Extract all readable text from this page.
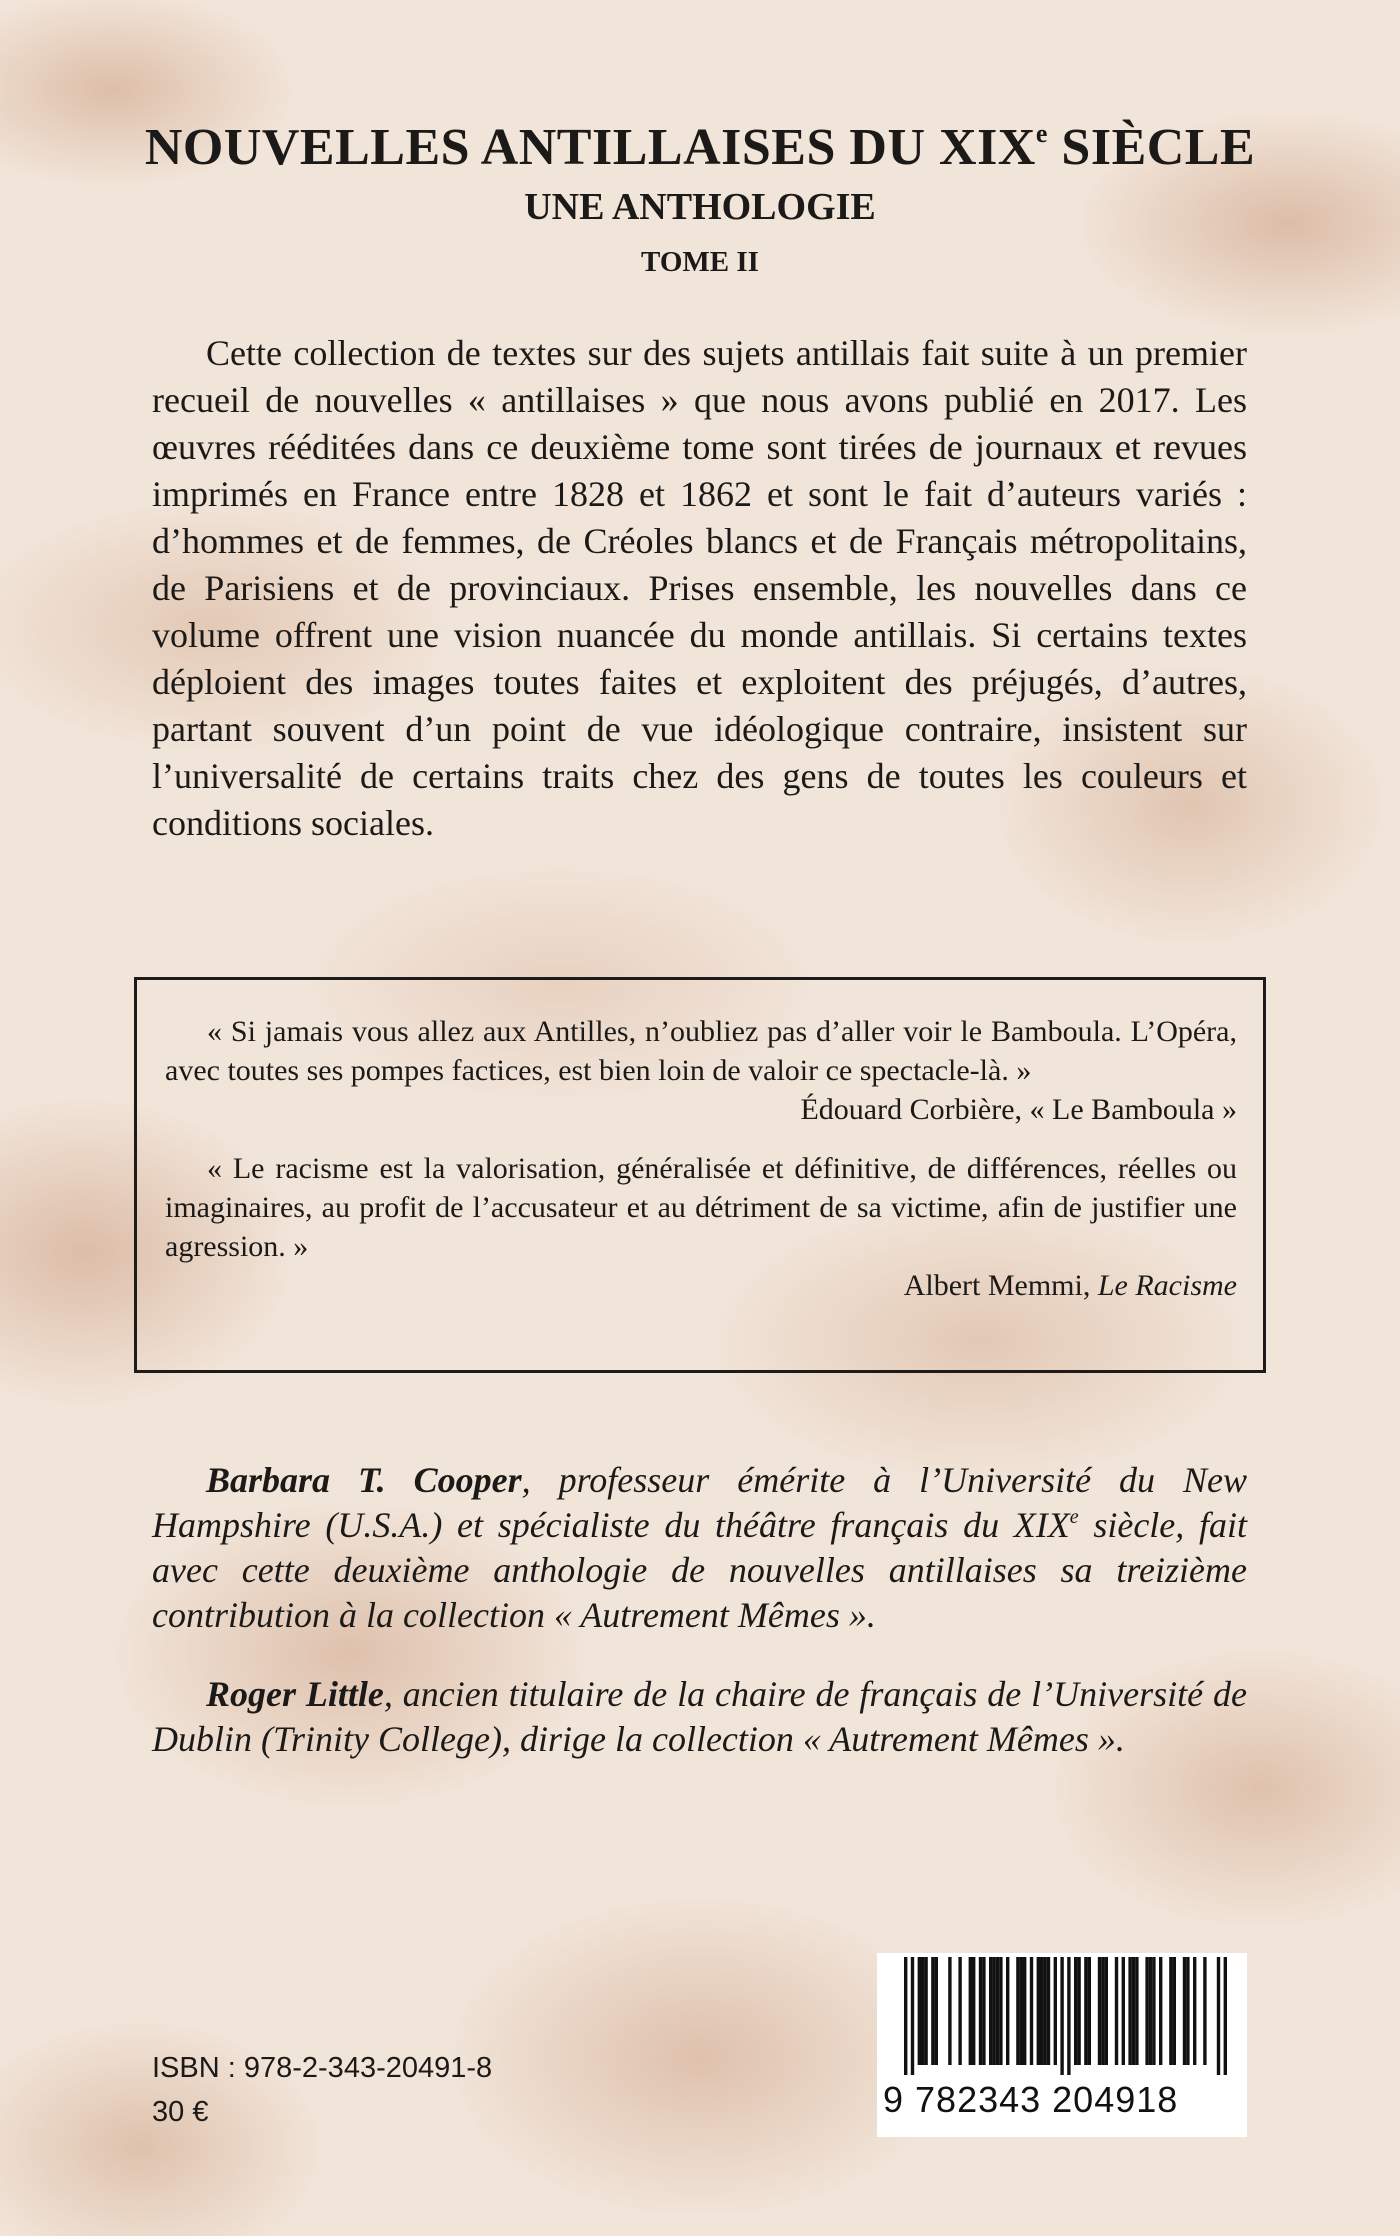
NOUVELLES ANTILLAISES DU XIXe SIÈCLE
UNE ANTHOLOGIE
TOME II

Cette collection de textes sur des sujets antillais fait suite à un premier recueil de nouvelles « antillaises » que nous avons publié en 2017. Les œuvres rééditées dans ce deuxième tome sont tirées de journaux et revues imprimés en France entre 1828 et 1862 et sont le fait d’auteurs variés : d’hommes et de femmes, de Créoles blancs et de Français métropolitains, de Parisiens et de provinciaux. Prises ensemble, les nouvelles dans ce volume offrent une vision nuancée du monde antillais. Si certains textes déploient des images toutes faites et exploitent des préjugés, d’autres, partant souvent d’un point de vue idéologique contraire, insistent sur l’universalité de certains traits chez des gens de toutes les couleurs et conditions sociales.

« Si jamais vous allez aux Antilles, n’oubliez pas d’aller voir le Bamboula. L’Opéra, avec toutes ses pompes factices, est bien loin de valoir ce spectacle-là. »

Édouard Corbière, « Le Bamboula »

« Le racisme est la valorisation, généralisée et définitive, de différences, réelles ou imaginaires, au profit de l’accusateur et au détriment de sa victime, afin de justifier une agression. »

Albert Memmi, Le Racisme

Barbara T. Cooper, professeur émérite à l’Université du New Hampshire (U.S.A.) et spécialiste du théâtre français du XIXe siècle, fait avec cette deuxième anthologie de nouvelles antillaises sa treizième contribution à la collection « Autrement Mêmes ».

Roger Little, ancien titulaire de la chaire de français de l’Université de Dublin (Trinity College), dirige la collection « Autrement Mêmes ».

ISBN : 978-2-343-20491-8
30 €	9 782343 204918
